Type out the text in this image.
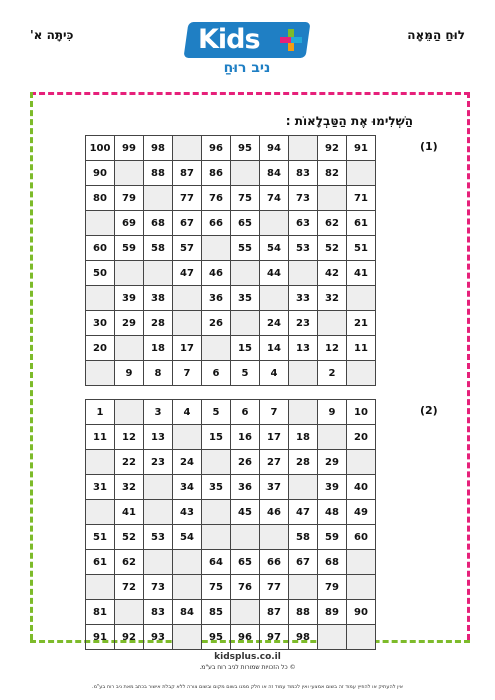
כִּיתָּה א'	לוּחַ הַמֵּאָה
Kids
ניב רוּחַ
הַשְׁלִימוּ אֶת הַטַּבְלָאוֹת :
(1)
100	99	98		96	95	94		92	91
90		88	87	86		84	83	82	
80	79		77	76	75	74	73		71
	69	68	67	66	65		63	62	61
60	59	58	57		55	54	53	52	51
50			47	46		44		42	41
	39	38		36	35		33	32	
30	29	28		26		24	23		21
20		18	17		15	14	13	12	11
	9	8	7	6	5	4		2	
(2)
1		3	4	5	6	7		9	10
11	12	13		15	16	17	18		20
	22	23	24		26	27	28	29	
31	32		34	35	36	37		39	40
	41		43		45	46	47	48	49
51	52	53	54				58	59	60
61	62			64	65	66	67	68	
	72	73		75	76	77		79	
81		83	84	85		87	88	89	90
91	92	93		95	96	97	98		
kidsplus.co.il
© כל הזכויות שמורות לניב רוח בע"מ.
אין להעתיק או להפיץ עמוד זה בשום אמצעי ואין לכמוד עמוד זה או חלק ממנו בשום מקום ובשום צורה ללא קבלת אישור בכתב מאת ניב רוח בע"מ.
